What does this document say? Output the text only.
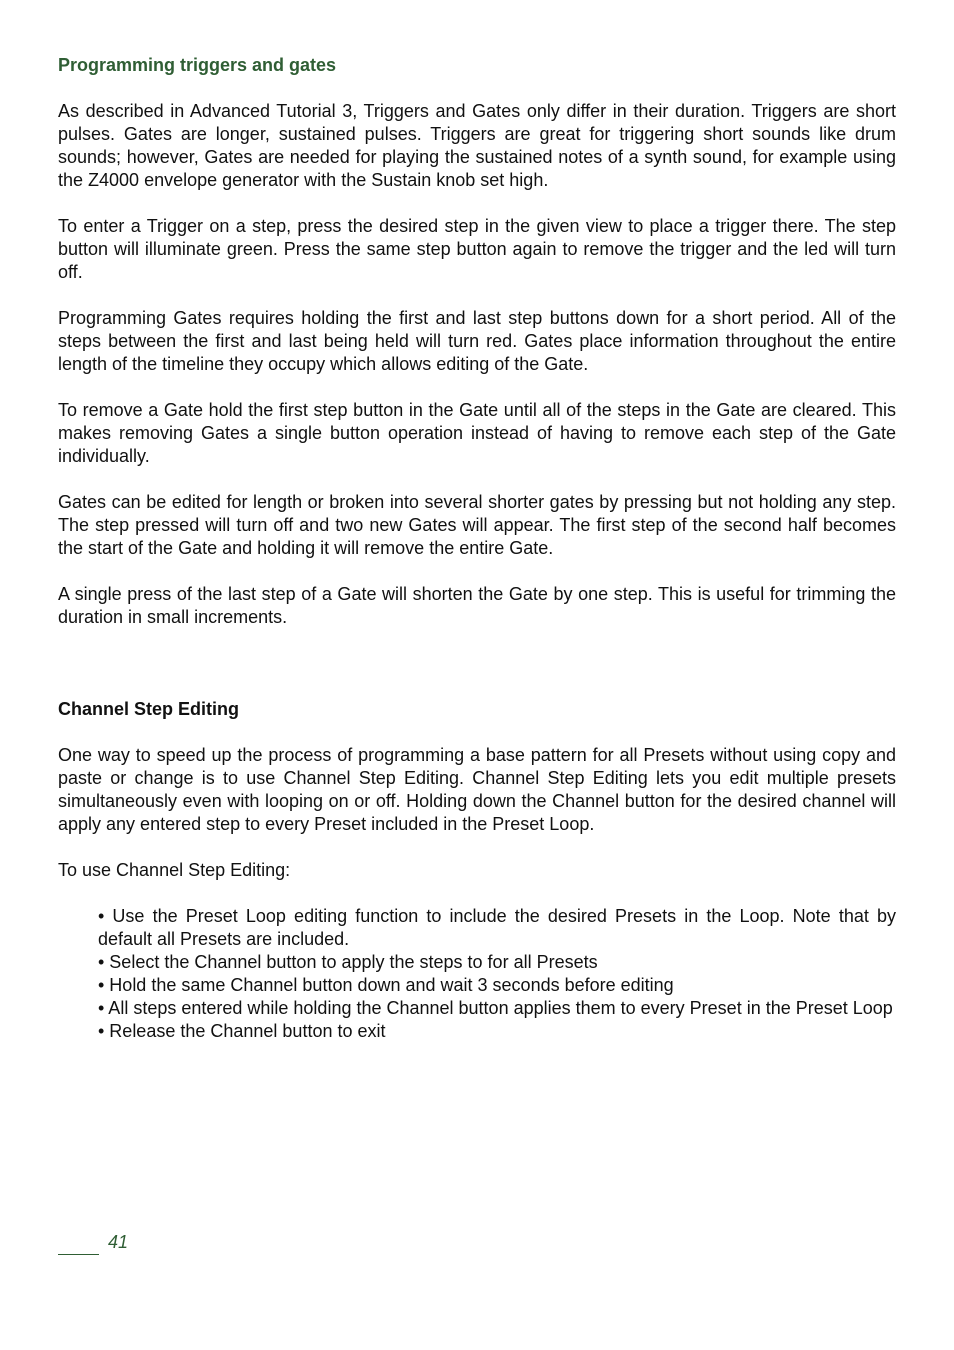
Programming triggers and gates

As described in Advanced Tutorial 3, Triggers and Gates only differ in their duration. Triggers are short pulses. Gates are longer, sustained pulses. Triggers are great for triggering short sounds like drum sounds; however, Gates are needed for playing the sustained notes of a synth sound, for example using the Z4000 envelope generator with the Sustain knob set high.

To enter a Trigger on a step, press the desired step in the given view to place a trigger there. The step button will illuminate green. Press the same step button again to remove the trigger and the led will turn off.

Programming Gates requires holding the first and last step buttons down for a short period. All of the steps between the first and last being held will turn red. Gates place information throughout the entire length of the timeline they occupy which allows editing of the Gate.

To remove a Gate hold the first step button in the Gate until all of the steps in the Gate are cleared. This makes removing Gates a single button operation instead of having to remove each step of the Gate individually.

Gates can be edited for length or broken into several shorter gates by pressing but not holding any step. The step pressed will turn off and two new Gates will appear. The first step of the second half becomes the start of the Gate and holding it will remove the entire Gate.

A single press of the last step of a Gate will shorten the Gate by one step. This is useful for trimming the duration in small increments.

Channel Step Editing

One way to speed up the process of programming a base pattern for all Presets without using copy and paste or change is to use Channel Step Editing. Channel Step Editing lets you edit multiple presets simultaneously even with looping on or off. Holding down the Channel button for the desired channel will apply any entered step to every Preset included in the Preset Loop.

To use Channel Step Editing:

• Use the Preset Loop editing function to include the desired Presets in the Loop. Note that by default all Presets are included.
• Select the Channel button to apply the steps to for all Presets
• Hold the same Channel button down and wait 3 seconds before editing
• All steps entered while holding the Channel button applies them to every Preset in the Preset Loop
• Release the Channel button to exit
41
